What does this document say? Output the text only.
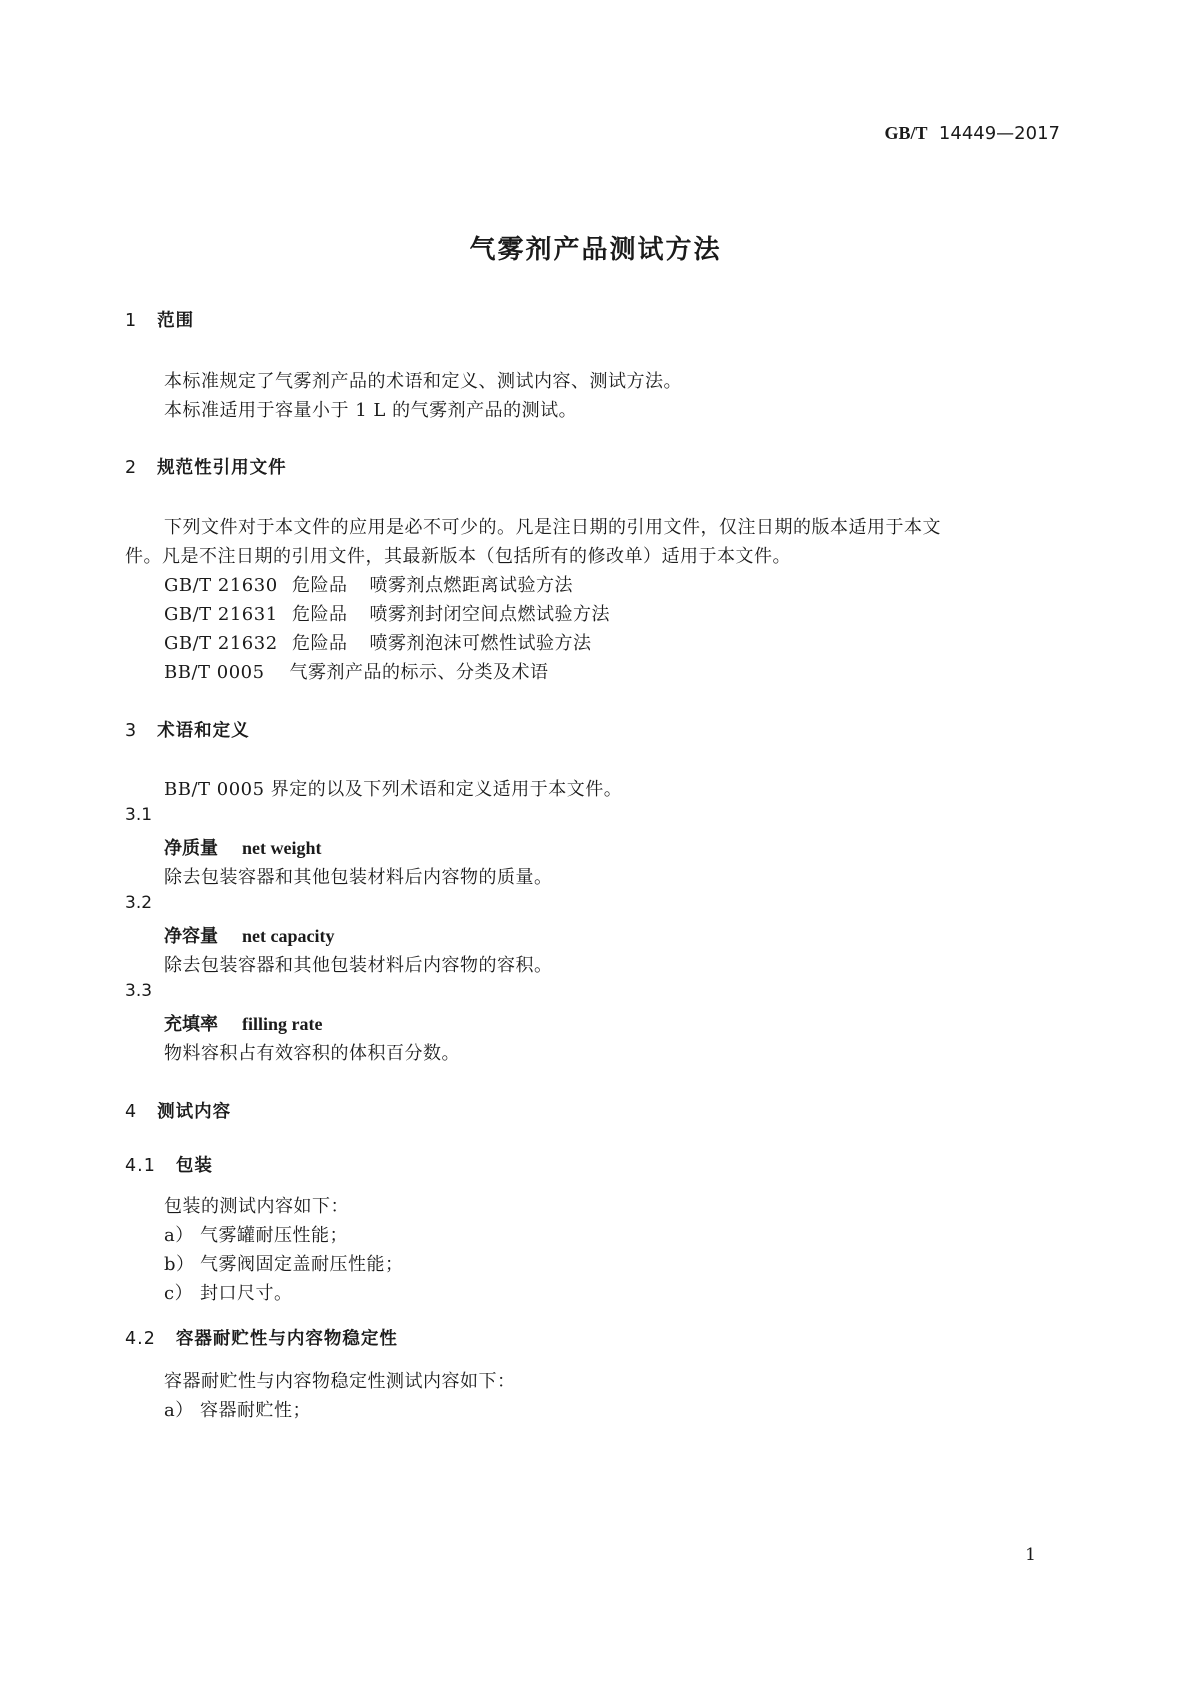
GB/T 14449—2017
气雾剂产品测试方法
1 范围
本标准规定了气雾剂产品的术语和定义、测试内容、测试方法。
本标准适用于容量小于 1 L 的气雾剂产品的测试。
2 规范性引用文件
下列文件对于本文件的应用是必不可少的。凡是注日期的引用文件，仅注日期的版本适用于本文
件。凡是不注日期的引用文件，其最新版本（包括所有的修改单）适用于本文件。
GB/T 21630 危险品 喷雾剂点燃距离试验方法
GB/T 21631 危险品 喷雾剂封闭空间点燃试验方法
GB/T 21632 危险品 喷雾剂泡沫可燃性试验方法
BB/T 0005 气雾剂产品的标示、分类及术语
3 术语和定义
BB/T 0005 界定的以及下列术语和定义适用于本文件。
3.1
净质量 net weight
除去包装容器和其他包装材料后内容物的质量。
3.2
净容量 net capacity
除去包装容器和其他包装材料后内容物的容积。
3.3
充填率 filling rate
物料容积占有效容积的体积百分数。
4 测试内容
4.1 包装
包装的测试内容如下：
a） 气雾罐耐压性能；
b） 气雾阀固定盖耐压性能；
c） 封口尺寸。
4.2 容器耐贮性与内容物稳定性
容器耐贮性与内容物稳定性测试内容如下：
a） 容器耐贮性；
1
